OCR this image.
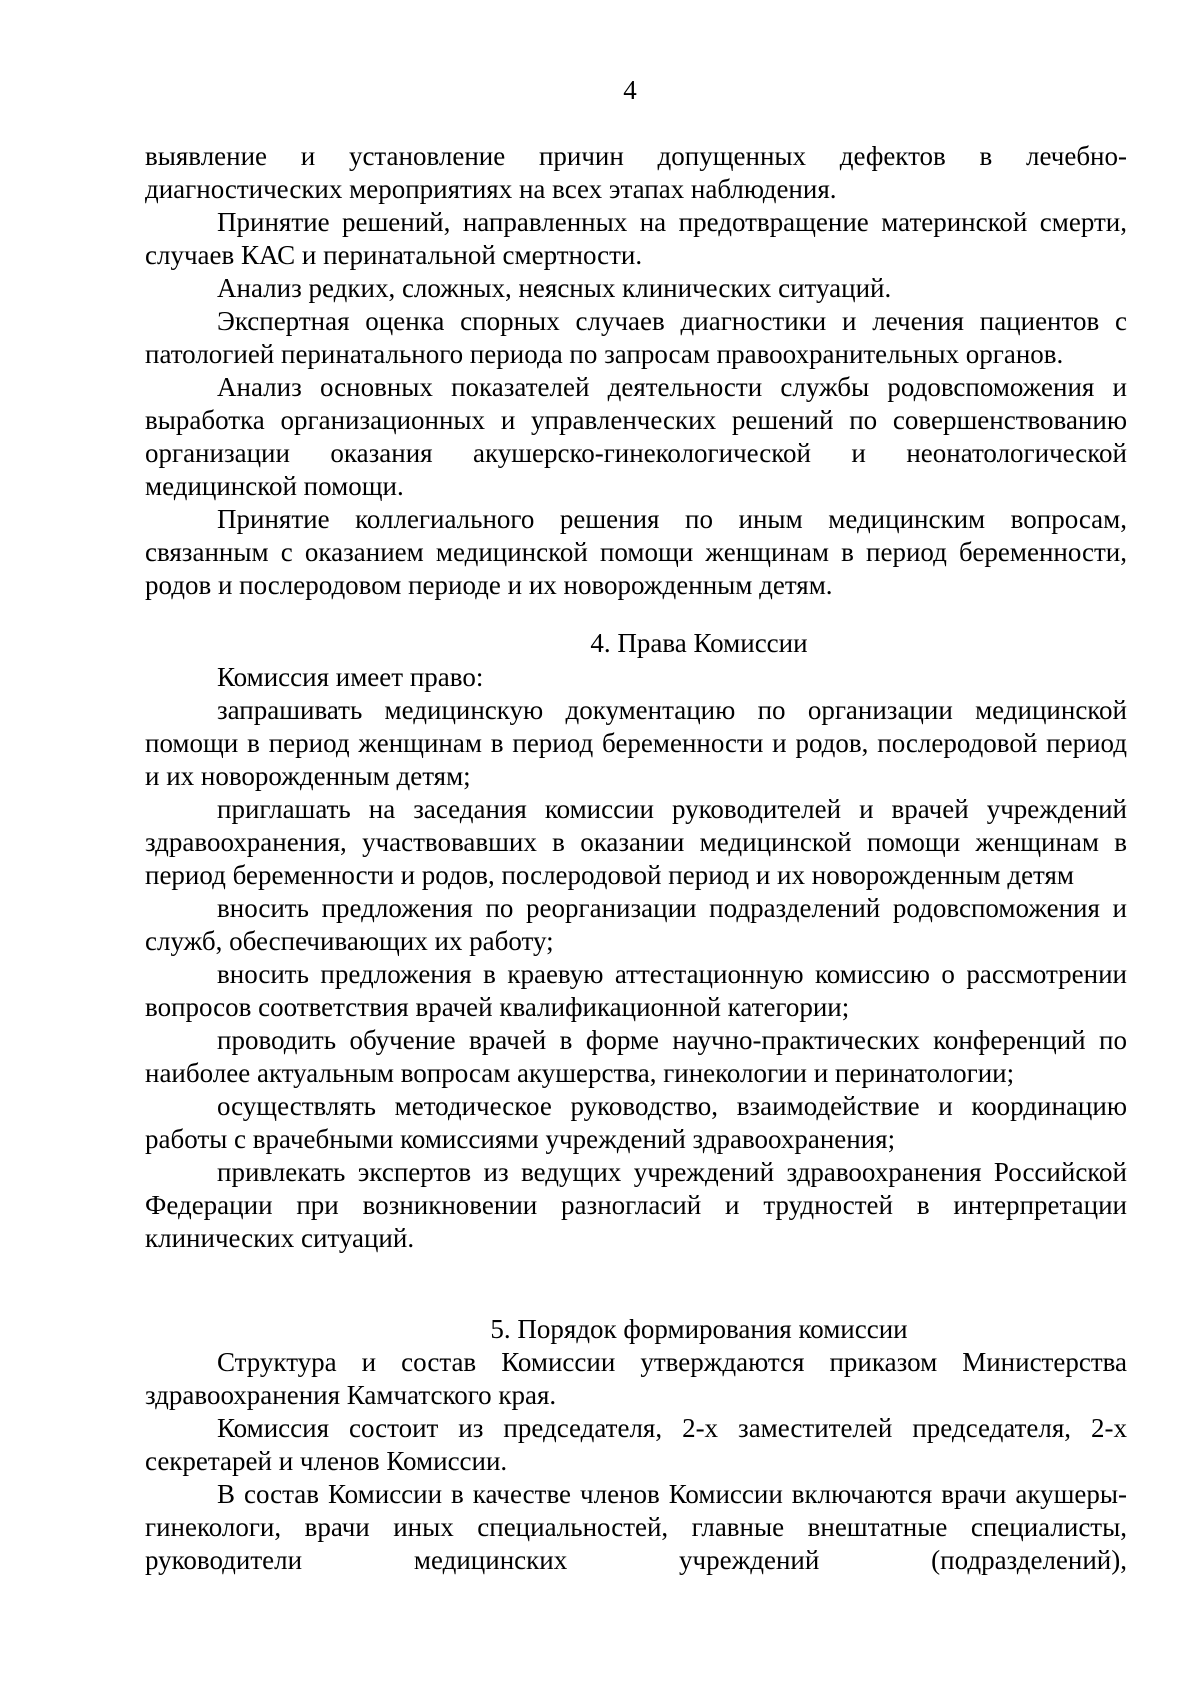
4

выявление и установление причин допущенных дефектов в лечебно-диагностических мероприятиях на всех этапах наблюдения.

Принятие решений, направленных на предотвращение материнской смерти, случаев КАС и перинатальной смертности.

Анализ редких, сложных, неясных клинических ситуаций.

Экспертная оценка спорных случаев диагностики и лечения пациентов с патологией перинатального периода по запросам правоохранительных органов.

Анализ основных показателей деятельности службы родовспоможения и выработка организационных и управленческих решений по совершенствованию организации оказания акушерско-гинекологической и неонатологической медицинской помощи.

Принятие коллегиального решения по иным медицинским вопросам, связанным с оказанием медицинской помощи женщинам в период беременности, родов и послеродовом периоде и их новорожденным детям.

4. Права Комиссии

Комиссия имеет право:

запрашивать медицинскую документацию по организации медицинской помощи в период женщинам в период беременности и родов, послеродовой период и их новорожденным детям;

приглашать на заседания комиссии руководителей и врачей учреждений здравоохранения, участвовавших в оказании медицинской помощи женщинам в период беременности и родов, послеродовой период и их новорожденным детям

вносить предложения по реорганизации подразделений родовспоможения и служб, обеспечивающих их работу;

вносить предложения в краевую аттестационную комиссию о рассмотрении вопросов соответствия врачей квалификационной категории;

проводить обучение врачей в форме научно-практических конференций по наиболее актуальным вопросам акушерства, гинекологии и перинатологии;

осуществлять методическое руководство, взаимодействие и координацию работы с врачебными комиссиями учреждений здравоохранения;

привлекать экспертов из ведущих учреждений здравоохранения Российской Федерации при возникновении разногласий и трудностей в интерпретации клинических ситуаций.

5. Порядок формирования комиссии

Структура и состав Комиссии утверждаются приказом Министерства здравоохранения Камчатского края.

Комиссия состоит из председателя, 2-х заместителей председателя, 2-х секретарей и членов Комиссии.

В состав Комиссии в качестве членов Комиссии включаются врачи акушеры-гинекологи, врачи иных специальностей, главные внештатные специалисты, руководители медицинских учреждений (подразделений),
